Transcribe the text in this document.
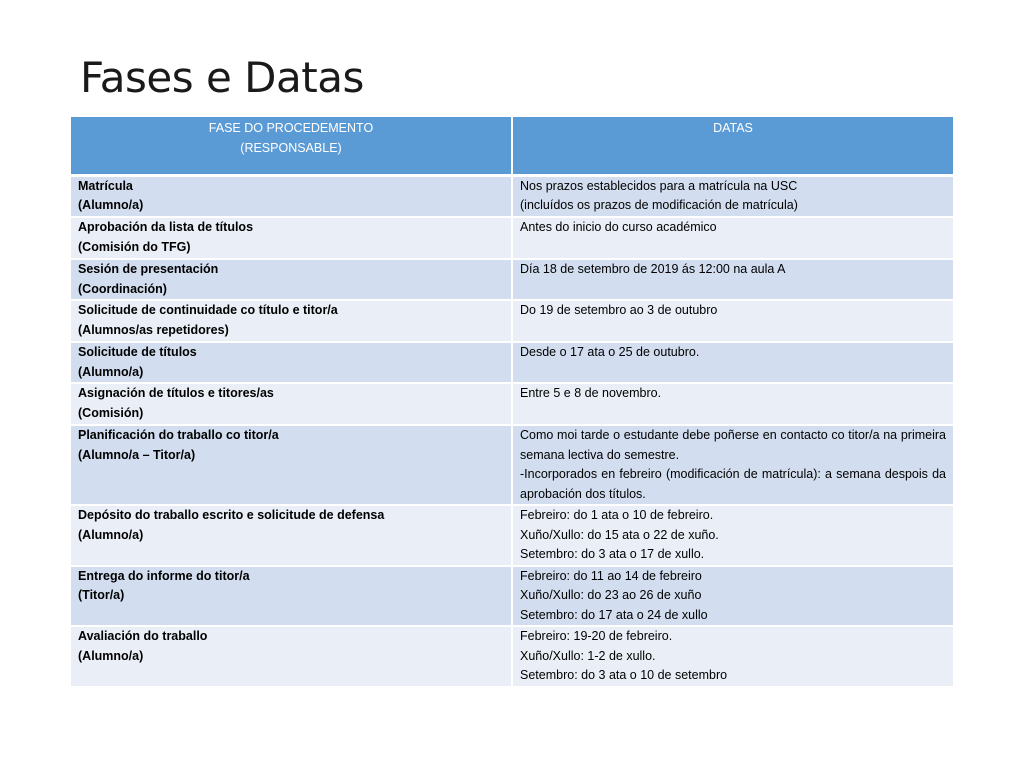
Fases e Datas
FASE DO PROCEDEMENTO
(RESPONSABLE)	DATAS

Matrícula
(Alumno/a)	Nos prazos establecidos para a matrícula na USC
(incluídos os prazos de modificación de matrícula)

Aprobación da lista de títulos
(Comisión do TFG)	Antes do inicio do curso académico

Sesión de presentación
(Coordinación)	Día 18 de setembro de 2019 ás 12:00 na aula A

Solicitude de continuidade co título e titor/a
(Alumnos/as repetidores)	Do 19 de setembro ao 3 de outubro

Solicitude de títulos
(Alumno/a)	Desde o 17 ata o 25 de outubro.

Asignación de títulos e titores/as
(Comisión)	Entre 5 e 8 de novembro.

Planificación do traballo co titor/a
(Alumno/a – Titor/a)	Como moi tarde o estudante debe poñerse en contacto co titor/a na primeira semana lectiva do semestre.
-Incorporados en febreiro (modificación de matrícula): a semana despois da aprobación dos títulos.

Depósito do traballo escrito e solicitude de defensa
(Alumno/a)	Febreiro: do 1 ata o 10 de febreiro.
Xuño/Xullo: do 15 ata o 22 de xuño.
Setembro: do 3 ata o 17 de xullo.

Entrega do informe do titor/a
(Titor/a)	Febreiro: do 11 ao 14 de febreiro
Xuño/Xullo: do 23 ao 26 de xuño
Setembro: do 17 ata o 24 de xullo

Avaliación do traballo
(Alumno/a)	Febreiro: 19-20 de febreiro.
Xuño/Xullo: 1-2 de xullo.
Setembro: do 3 ata o 10 de setembro
